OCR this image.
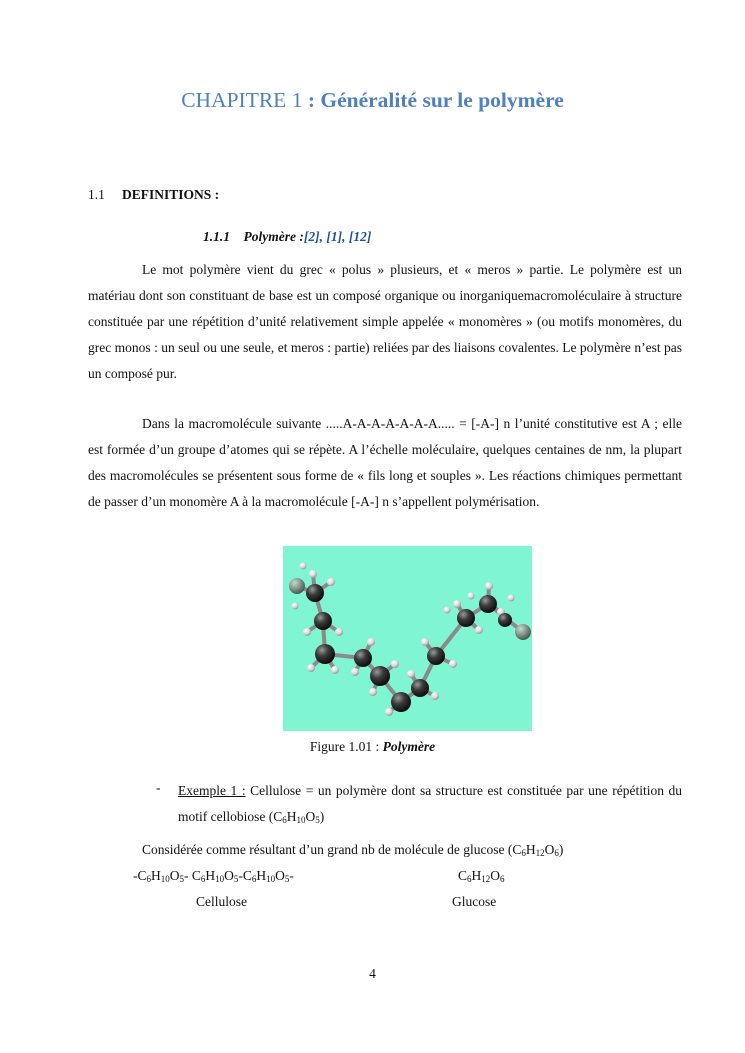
CHAPITRE 1 : Généralité sur le polymère
1.1 DEFINITIONS :
1.1.1 Polymère :[2], [1], [12]

Le mot polymère vient du grec « polus » plusieurs, et « meros » partie. Le polymère est un matériau dont son constituant de base est un composé organique ou inorganiquemacromoléculaire à structure constituée par une répétition d’unité relativement simple appelée « monomères » (ou motifs monomères, du grec monos : un seul ou une seule, et meros : partie) reliées par des liaisons covalentes. Le polymère n’est pas un composé pur.

Dans la macromolécule suivante .....A-A-A-A-A-A-A..... = [-A-] n l’unité constitutive est A ; elle est formée d’un groupe d’atomes qui se répète. A l’échelle moléculaire, quelques centaines de nm, la plupart des macromolécules se présentent sous forme de « fils long et souples ». Les réactions chimiques permettant de passer d’un monomère A à la macromolécule [-A-] n s’appellent polymérisation.

Figure 1.01 : Polymère
- Exemple 1 : Cellulose = un polymère dont sa structure est constituée par une répétition du motif cellobiose $(C_6H_{10}O_5)$

Considérée comme résultant d’un grand nb de molécule de glucose $(C_6H_{12}O_6)$
$-C_6H_{10}O_5-$ $C_6H_{10}O_5-C_6H_{10}O_5-$	$C_6H_{12}O_6$
Cellulose	Glucose
4
